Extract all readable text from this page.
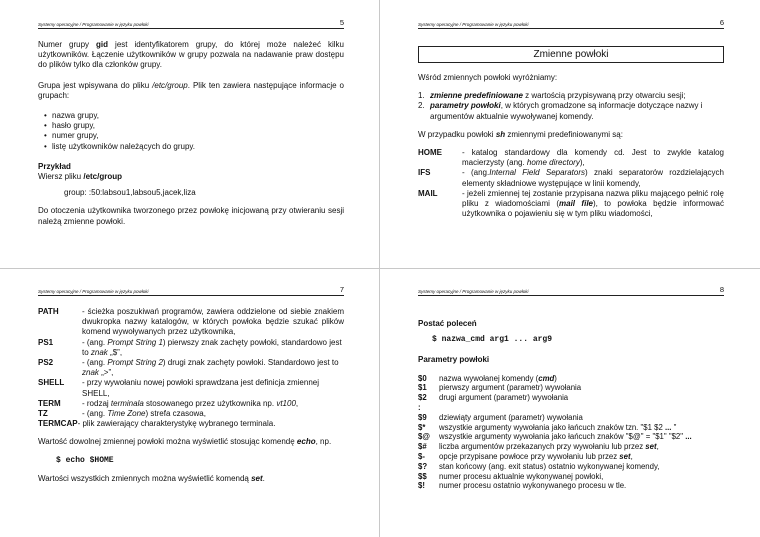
Systemy operacyjne / Programowanie w języku powłoki	5

Numer grupy gid jest identyfikatorem grupy, do której może należeć kilku użytkowników. Łączenie użytkowników w grupy pozwala na nadawanie praw dostępu do plików tylko dla członków grupy.

Grupa jest wpisywana do pliku /etc/group. Plik ten zawiera następujące informacje o grupach:

• nazwa grupy,
• hasło grupy,
• numer grupy,
• listę użytkowników należących do grupy.

Przykład

Wiersz pliku /etc/group

group: :50:labsou1,labsou5,jacek,liza

Do otoczenia użytkownika tworzonego przez powłokę inicjowaną przy otwieraniu sesji należą zmienne powłoki.

Systemy operacyjne / Programowanie w języku powłoki	6
Zmienne powłoki

Wśród zmiennych powłoki wyróżniamy:

1. zmienne predefiniowane z wartością przypisywaną przy otwarciu sesji;
2. parametry powłoki, w których gromadzone są informacje dotyczące nazwy i argumentów aktualnie wywoływanej komendy.

W przypadku powłoki sh zmiennymi predefiniowanymi są:

HOME	- katalog standardowy dla komendy cd. Jest to zwykle katalog macierzysty (ang. home directory),
IFS	- (ang.Internal Field Separators) znaki separatorów rozdzielających elementy składniowe występujące w linii komendy,
MAIL	- jeżeli zmiennej tej zostanie przypisana nazwa pliku mającego pełnić rolę pliku z wiadomościami (mail file), to powłoka będzie informować użytkownika o pojawieniu się w tym pliku wiadomości,
Systemy operacyjne / Programowanie w języku powłoki	7
PATH	- ścieżka poszukiwań programów, zawiera oddzielone od siebie znakiem dwukropka nazwy katalogów, w których powłoka będzie szukać plików komend wywoływanych przez użytkownika,
PS1	- (ang. Prompt String 1) pierwszy znak zachęty powłoki, standardowo jest to znak „$”,
PS2	- (ang. Prompt String 2) drugi znak zachęty powłoki. Standardowo jest to znak „>”,
SHELL	- przy wywołaniu nowej powłoki sprawdzana jest definicja zmiennej SHELL,
TERM	- rodzaj terminala stosowanego przez użytkownika np. vt100,
TZ	- (ang. Time Zone) strefa czasowa,

TERMCAP- plik zawierający charakterystykę wybranego terminala.

Wartość dowolnej zmiennej powłoki można wyświetlić stosując komendę echo, np.

$ echo $HOME

Wartości wszystkich zmiennych można wyświetlić komendą set.

Systemy operacyjne / Programowanie w języku powłoki	8

Postać poleceń

$ nazwa_cmd arg1 ... arg9

Parametry powłoki

$0	nazwa wywołanej komendy (cmd)
$1	pierwszy argument (parametr) wywołania
$2	drugi argument (parametr) wywołania
:
$9	dziewiąty argument (parametr) wywołania
$*	wszystkie argumenty wywołania jako łańcuch znaków tzn. "$1 $2 ... "
$@	wszystkie argumenty wywołania jako łańcuch znaków "$@" = "$1" "$2" ...
$#	liczba argumentów przekazanych przy wywołaniu lub przez set,
$-	opcje przypisane powłoce przy wywołaniu lub przez set,
$?	stan końcowy (ang. exit status) ostatnio wykonywanej komendy,
$$	numer procesu aktualnie wykonywanej powłoki,
$!	numer procesu ostatnio wykonywanego procesu w tle.
